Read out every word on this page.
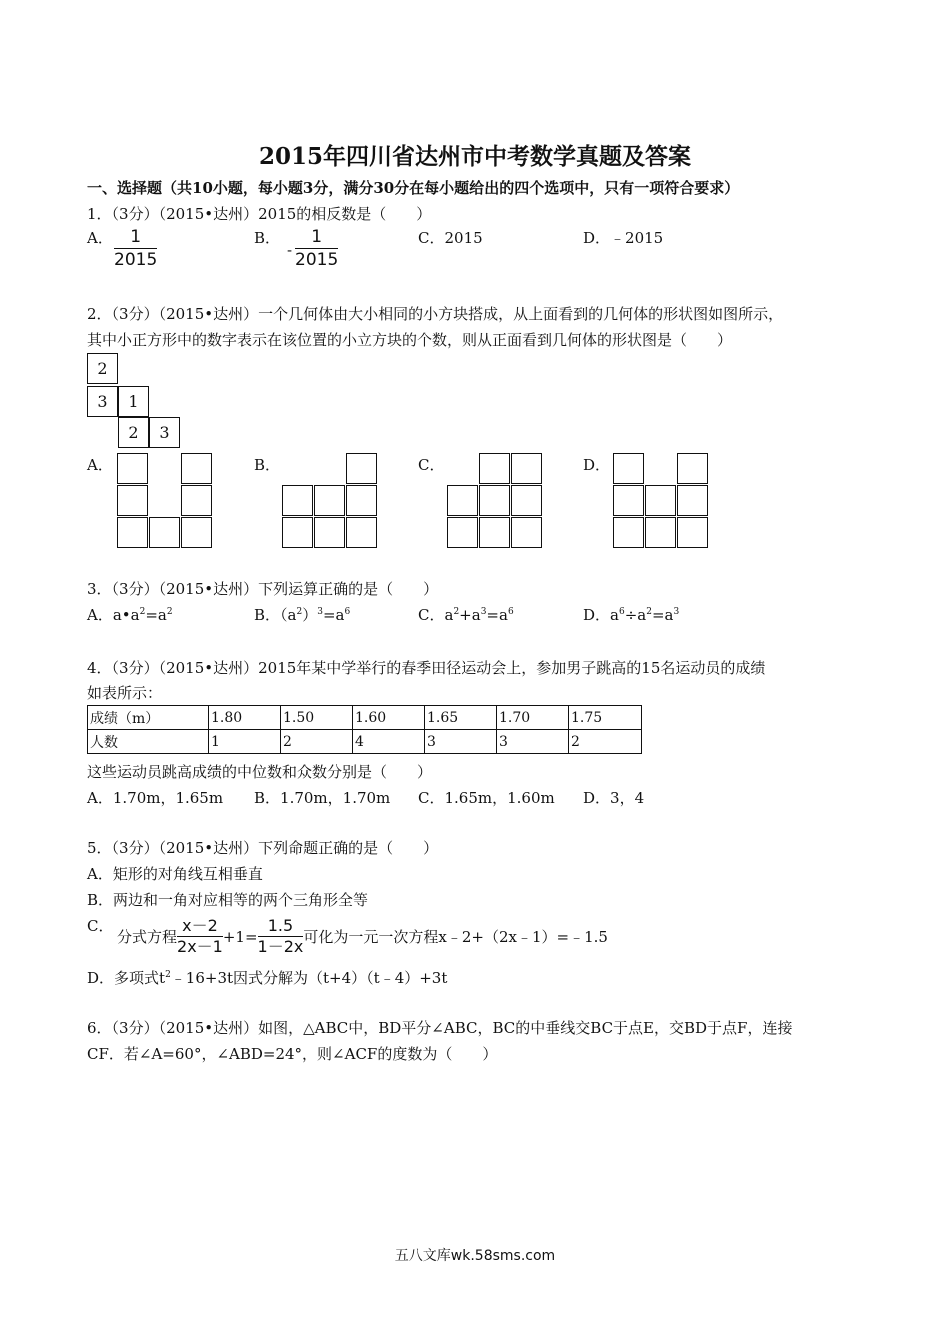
2015年四川省达州市中考数学真题及答案
一、选择题（共10小题，每小题3分，满分30分在每小题给出的四个选项中，只有一项符合要求）
1．（3分）（2015•达州）2015的相反数是（　　）
A． $\frac{1}{2015}$	B．
- $\frac{1}{2015}$	C．2015	D．﹣2015
2．（3分）（2015•达州）一个几何体由大小相同的小方块搭成，从上面看到的几何体的形状图如图所示，
其中小正方形中的数字表示在该位置的小立方块的个数，则从正面看到几何体的形状图是（　　）
2
3	1
2	3
A．	B．	C．	D．
3．（3分）（2015•达州）下列运算正确的是（　　）
A．$a•a^2=a^2$	B．$(a^2)^3=a^6$	C．$a^2+a^3=a^6$	D．$a^6\div a^2=a^3$
4．（3分）（2015•达州）2015年某中学举行的春季田径运动会上，参加男子跳高的15名运动员的成绩
如表所示：
成绩（m）	1.80	1.50	1.60	1.65	1.70	1.75
人数	1	2	4	3	3	2
这些运动员跳高成绩的中位数和众数分别是（　　）
A．1.70m，1.65m B．1.70m，1.70m C．1.65m，1.60m D．3，4
5．（3分）（2015•达州）下列命题正确的是（　　）
A．矩形的对角线互相垂直
B．两边和一角对应相等的两个三角形全等
C．
分式方程 $\frac{x-2}{2x-1} +1= \frac{1.5}{1-2x}$ 可化为一元一次方程x﹣2+（2x﹣1）=﹣1.5
D．多项式$t^2﹣16+3t$因式分解为（t+4）（t﹣4）+3t
6．（3分）（2015•达州）如图，△ABC中，BD平分∠ABC，BC的中垂线交BC于点E，交BD于点F，连接
CF．若∠A=60°，∠ABD=24°，则∠ACF的度数为（　　）
五八文库wk.58sms.com
